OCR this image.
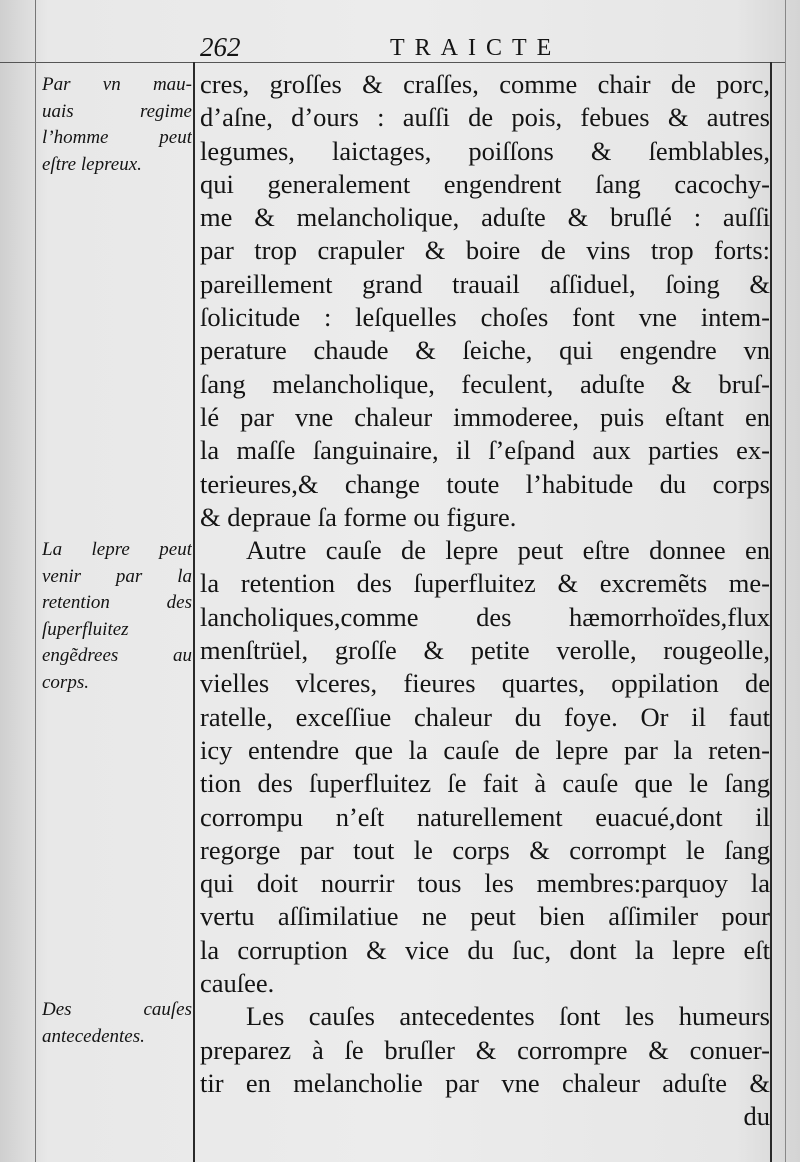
262	TRAICTE
Par vn mau-
uais regime
l’homme peut
eſtre lepreux.
La lepre peut
venir par la
retention des
ſuperfluitez
engẽdrees au
corps.
Des cauſes
antecedentes.
cres, groſſes & craſſes, comme chair de porc,
d’aſne, d’ours : auſſi de pois, febues & autres
legumes, laictages, poiſſons & ſemblables,
qui generalement engendrent ſang cacochy-
me & melancholique, aduſte & bruſlé : auſſi
par trop crapuler & boire de vins trop forts:
pareillement grand trauail aſſiduel, ſoing &
ſolicitude : leſquelles choſes font vne intem-
perature chaude & ſeiche, qui engendre vn
ſang melancholique, feculent, aduſte & bruſ-
lé par vne chaleur immoderee, puis eſtant en
la maſſe ſanguinaire, il ſ’eſpand aux parties ex-
terieures,& change toute l’habitude du corps
& depraue ſa forme ou figure.
Autre cauſe de lepre peut eſtre donnee en
la retention des ſuperfluitez & excremẽts me-
lancholiques,comme des hæmorrhoïdes,flux
menſtrüel, groſſe & petite verolle, rougeolle,
vielles vlceres, fieures quartes, oppilation de
ratelle, exceſſiue chaleur du foye. Or il faut
icy entendre que la cauſe de lepre par la reten-
tion des ſuperfluitez ſe fait à cauſe que le ſang
corrompu n’eſt naturellement euacué,dont il
regorge par tout le corps & corrompt le ſang
qui doit nourrir tous les membres:parquoy la
vertu aſſimilatiue ne peut bien aſſimiler pour
la corruption & vice du ſuc, dont la lepre eſt
cauſee.
Les cauſes antecedentes ſont les humeurs
preparez à ſe bruſler & corrompre & conuer-
tir en melancholie par vne chaleur aduſte &
du
